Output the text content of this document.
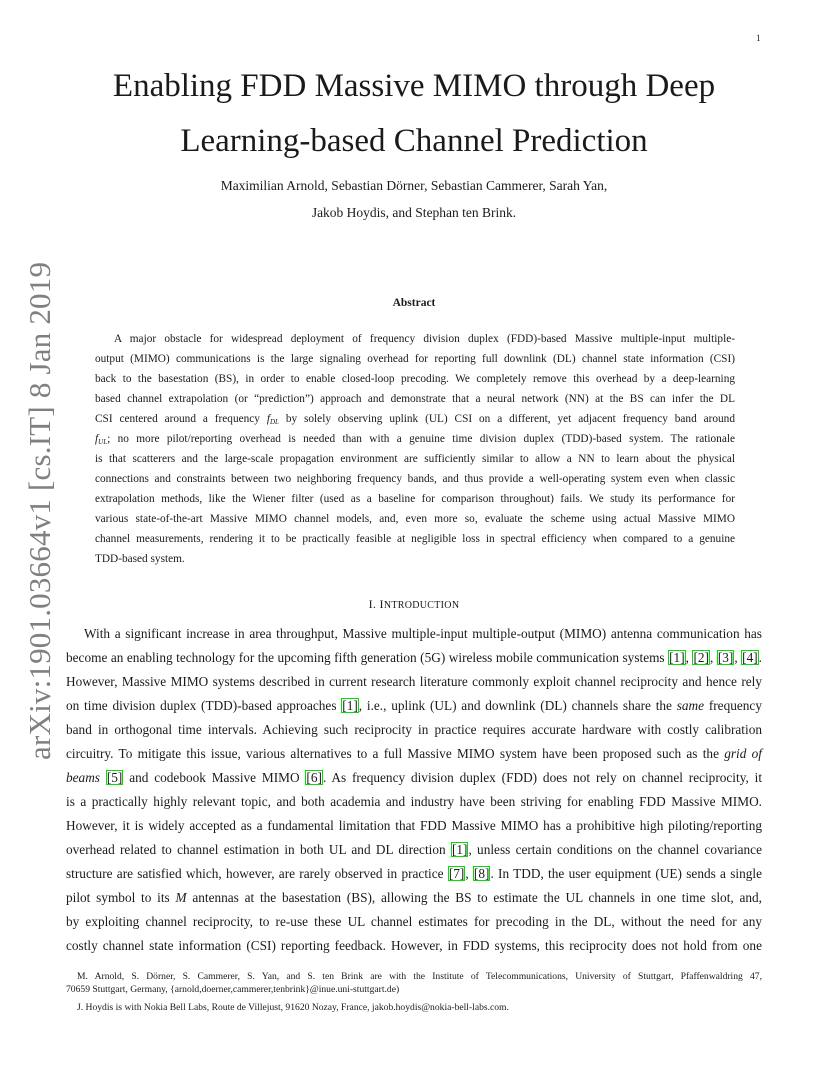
1
arXiv:1901.03664v1 [cs.IT] 8 Jan 2019
Enabling FDD Massive MIMO through Deep
Learning-based Channel Prediction
Maximilian Arnold, Sebastian Dörner, Sebastian Cammerer, Sarah Yan,
Jakob Hoydis, and Stephan ten Brink.
Abstract
A major obstacle for widespread deployment of frequency division duplex (FDD)-based Massive multiple-input multiple-
output (MIMO) communications is the large signaling overhead for reporting full downlink (DL) channel state information (CSI)
back to the basestation (BS), in order to enable closed-loop precoding. We completely remove this overhead by a deep-learning
based channel extrapolation (or “prediction”) approach and demonstrate that a neural network (NN) at the BS can infer the DL
CSI centered around a frequency $f_{DL}$ by solely observing uplink (UL) CSI on a different, yet adjacent frequency band around
$f_{UL}$; no more pilot/reporting overhead is needed than with a genuine time division duplex (TDD)-based system. The rationale
is that scatterers and the large-scale propagation environment are sufficiently similar to allow a NN to learn about the physical
connections and constraints between two neighboring frequency bands, and thus provide a well-operating system even when classic
extrapolation methods, like the Wiener filter (used as a baseline for comparison throughout) fails. We study its performance for
various state-of-the-art Massive MIMO channel models, and, even more so, evaluate the scheme using actual Massive MIMO
channel measurements, rendering it to be practically feasible at negligible loss in spectral efficiency when compared to a genuine
TDD-based system.
I. INTRODUCTION
With a significant increase in area throughput, Massive multiple-input multiple-output (MIMO) antenna communication has
become an enabling technology for the upcoming fifth generation (5G) wireless mobile communication systems [1], [2], [3], [4].
However, Massive MIMO systems described in current research literature commonly exploit channel reciprocity and hence rely
on time division duplex (TDD)-based approaches [1], i.e., uplink (UL) and downlink (DL) channels share the same frequency
band in orthogonal time intervals. Achieving such reciprocity in practice requires accurate hardware with costly calibration
circuitry. To mitigate this issue, various alternatives to a full Massive MIMO system have been proposed such as the grid of
beams [5] and codebook Massive MIMO [6]. As frequency division duplex (FDD) does not rely on channel reciprocity, it
is a practically highly relevant topic, and both academia and industry have been striving for enabling FDD Massive MIMO.
However, it is widely accepted as a fundamental limitation that FDD Massive MIMO has a prohibitive high piloting/reporting
overhead related to channel estimation in both UL and DL direction [1], unless certain conditions on the channel covariance
structure are satisfied which, however, are rarely observed in practice [7], [8]. In TDD, the user equipment (UE) sends a single
pilot symbol to its M antennas at the basestation (BS), allowing the BS to estimate the UL channels in one time slot, and,
by exploiting channel reciprocity, to re-use these UL channel estimates for precoding in the DL, without the need for any
costly channel state information (CSI) reporting feedback. However, in FDD systems, this reciprocity does not hold from one
M. Arnold, S. Dörner, S. Cammerer, S. Yan, and S. ten Brink are with the Institute of Telecommunications, University of Stuttgart, Pfaffenwaldring 47,
70659 Stuttgart, Germany, {arnold,doerner,cammerer,tenbrink}@inue.uni-stuttgart.de)
J. Hoydis is with Nokia Bell Labs, Route de Villejust, 91620 Nozay, France, jakob.hoydis@nokia-bell-labs.com.
